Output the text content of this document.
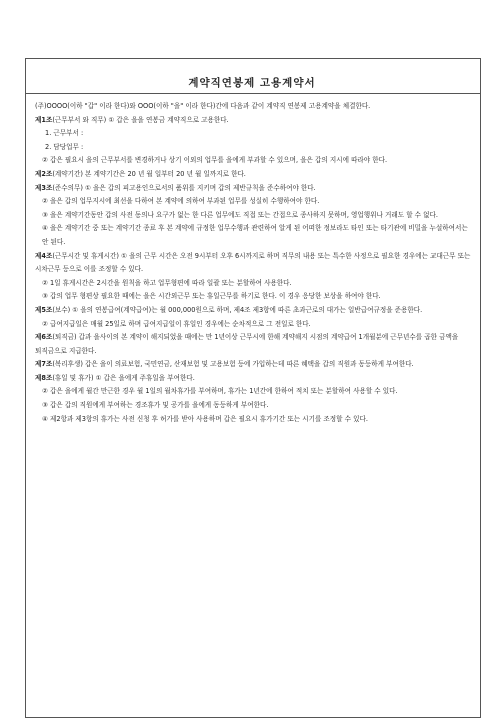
계약직연봉제 고용계약서

(주)OOOO(이하 "갑" 이라 한다)와 OOO(이하 "을" 이라 한다)간에 다음과 같이 계약직 연봉제 고용계약을 체결한다.

제1조(근무부서 와 직무) ① 갑은 을을 연봉금 계약직으로 고용한다.

1. 근무부서 :

2. 담당업무 :

② 갑은 필요시 을의 근무부서를 변경하거나 상기 이외의 업무를 을에게 부과할 수 있으며, 을은 갑의 지시에 따라야 한다.

제2조(계약기간) 본 계약기간은 20 년 월 일부터 20 년 월 일까지로 한다.

제3조(준수의무) ① 을은 갑의 피고용인으로서의 품위를 지키며 갑의 제반규칙을 준수하여야 한다.

② 을은 갑의 업무지시에 최선을 다하여 본 계약에 의하여 부과된 업무를 성실히 수행하여야 한다.

③ 을은 계약기간동안 갑의 사전 동의나 요구가 없는 한 다른 업무에도 직접 또는 간접으로 종사하지 못하며, 영업행위나 거래도 할 수 없다.

④ 을은 계약기간 중 또는 계약기간 종료 후 본 계약에 규정한 업무수행과 관련하여 알게 된 어떠한 정보라도 타인 또는 타기관에 비밀을 누설하여서는 안 된다.

제4조(근무시간 및 휴게시간) ① 을의 근무 시간은 오전 9시부터 오후 6시까지로 하며 직무의 내용 또는 특수한 사정으로 필요한 경우에는 교대근무 또는 시차근무 등으로 이를 조정할 수 있다.

② 1일 휴게시간은 2시간을 원칙을 하고 업무형편에 따라 일괄 또는 분할하여 사용한다.

③ 갑의 업무 형편상 필요한 때에는 을은 시간외근무 또는 휴일근무를 하기로 한다. 이 경우 응당한 보상을 하여야 한다.

제5조(보수) ① 을의 연봉급여(계약급여)는 월 000,000원으로 하며, 제4조 제3항에 따른 초과근로의 대가는 일반급여규정을 준용한다.

② 급여지급일은 매월 25일로 하며 급여지급일이 휴일인 경우에는 순차적으로 그 전일로 한다.

제6조(퇴직금) 갑과 을사이의 본 계약이 해지되었을 때에는 만 1년이상 근무시에 한해 계약해지 시점의 계약급여 1개월분에 근무년수를 곱한 금액을 퇴직금으로 지급한다.

제7조(복리후생) 갑은 을이 의료보험, 국민연금, 산재보험 및 고용보험 등에 가입하는데 따른 혜택을 갑의 직원과 동등하게 부여한다.

제8조(휴일 및 휴가) ① 갑은 을에게 주휴일을 부여한다.

② 갑은 을에게 월간 만근한 경우 월 1일의 월차휴가를 부여하며, 휴가는 1년간에 한하여 적치 또는 분할하여 사용할 수 있다.

③ 갑은 갑의 직원에게 부여하는 경조휴가 및 공가를 을에게 동등하게 부여한다.

④ 제2항과 제3항의 휴가는 사전 신청 후 허가를 받아 사용하며 갑은 필요시 휴가기간 또는 시기를 조정할 수 있다.
